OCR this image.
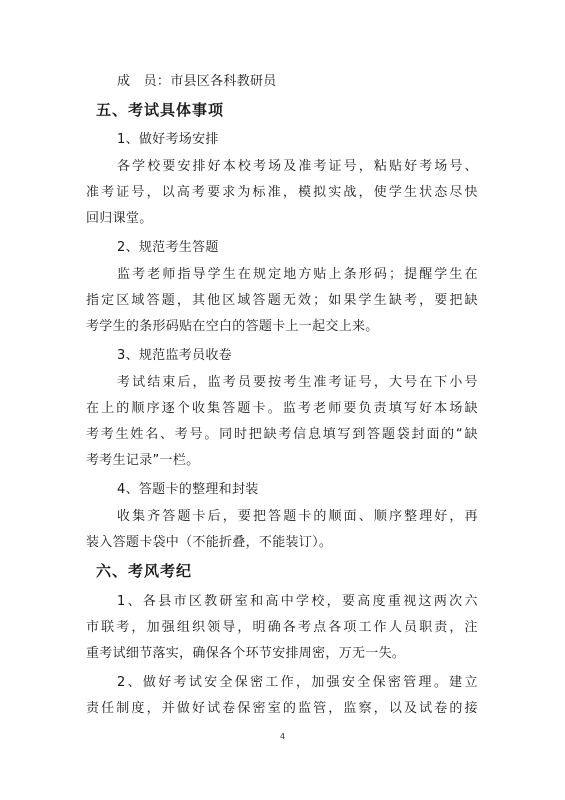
成　员：市县区各科教研员
五、考试具体事项
1、做好考场安排
各 学 校 要 安 排 好 本 校 考 场 及 准 考 证 号 ， 粘 贴 好 考 场 号 、
准 考 证 号 ， 以 高 考 要 求 为 标 准 ， 模 拟 实 战 ， 使 学 生 状 态 尽 快
回归课堂。
2、规范考生答题
监 考 老 师 指 导 学 生 在 规 定 地 方 贴 上 条 形 码 ； 提 醒 学 生 在
指 定 区 域 答 题 ， 其 他 区 域 答 题 无 效 ； 如 果 学 生 缺 考 ， 要 把 缺
考学生的条形码贴在空白的答题卡上一起交上来。
3、规范监考员收卷
考 试 结 束 后 ， 监 考 员 要 按 考 生 准 考 证 号 ， 大 号 在 下 小 号
在 上 的 顺 序 逐 个 收 集 答 题 卡 。 监 考 老 师 要 负 责 填 写 好 本 场 缺
考 考 生 姓 名 、 考 号 。 同 时 把 缺 考 信 息 填 写 到 答 题 袋 封 面 的 “ 缺
考考生记录”一栏。
4、答题卡的整理和封装
收 集 齐 答 题 卡 后 ， 要 把 答 题 卡 的 顺 面 、 顺 序 整 理 好 ， 再
装入答题卡袋中（不能折叠，不能装订）。
六、考风考纪
1 、 各 县 市 区 教 研 室 和 高 中 学 校 ， 要 高 度 重 视 这 两 次 六
市 联 考 ， 加 强 组 织 领 导 ， 明 确 各 考 点 各 项 工 作 人 员 职 责 ， 注
重考试细节落实，确保各个环节安排周密，万无一失。
2 、 做 好 考 试 安 全 保 密 工 作 ， 加 强 安 全 保 密 管 理 。 建 立
责 任 制 度 ， 并 做 好 试 卷 保 密 室 的 监 管 ， 监 察 ， 以 及 试 卷 的 接
4
